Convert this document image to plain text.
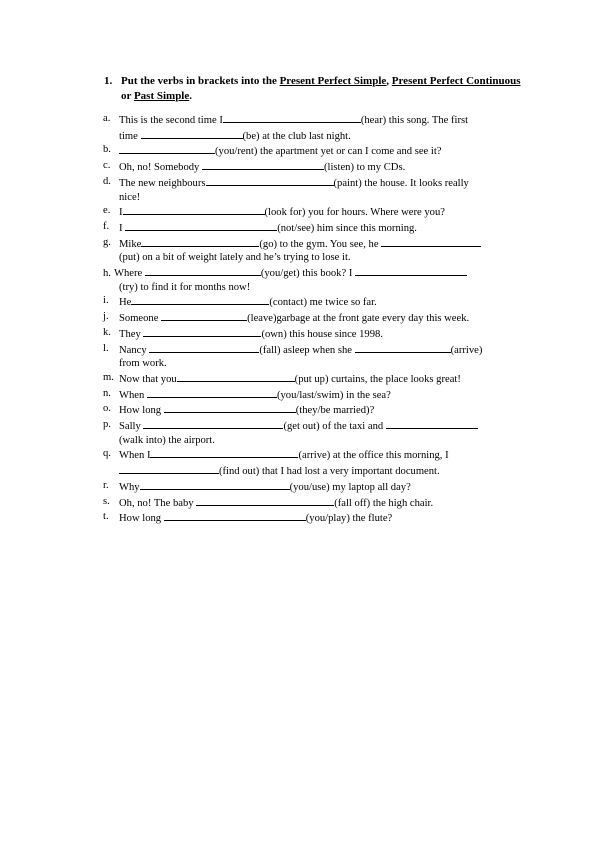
1. Put the verbs in brackets into the Present Perfect Simple, Present Perfect Continuous or Past Simple.
a. This is the second time I	(hear) this song. The first
time	(be) at the club last night.
b.	(you/rent) the apartment yet or can I come and see it?
c. Oh, no! Somebody	(listen) to my CDs.
d. The new neighbours	(paint) the house. It looks really
nice!
e. I	(look for) you for hours. Where were you?
f. I	(not/see) him since this morning.
g. Mike	(go) to the gym. You see, he
(put) on a bit of weight lately and he’s trying to lose it.
h. Where	(you/get) this book? I
(try) to find it for months now!
i. He	(contact) me twice so far.
j. Someone	(leave)garbage at the front gate every day this week.
k. They	(own) this house since 1998.
l. Nancy	(fall) asleep when she	(arrive)
from work.
m. Now that you	(put up) curtains, the place looks great!
n. When	(you/last/swim) in the sea?
o. How long	(they/be married)?
p. Sally	(get out) of the taxi and
(walk into) the airport.
q. When I	(arrive) at the office this morning, I
(find out) that I had lost a very important document.
r. Why	(you/use) my laptop all day?
s. Oh, no! The baby	(fall off) the high chair.
t. How long	(you/play) the flute?
